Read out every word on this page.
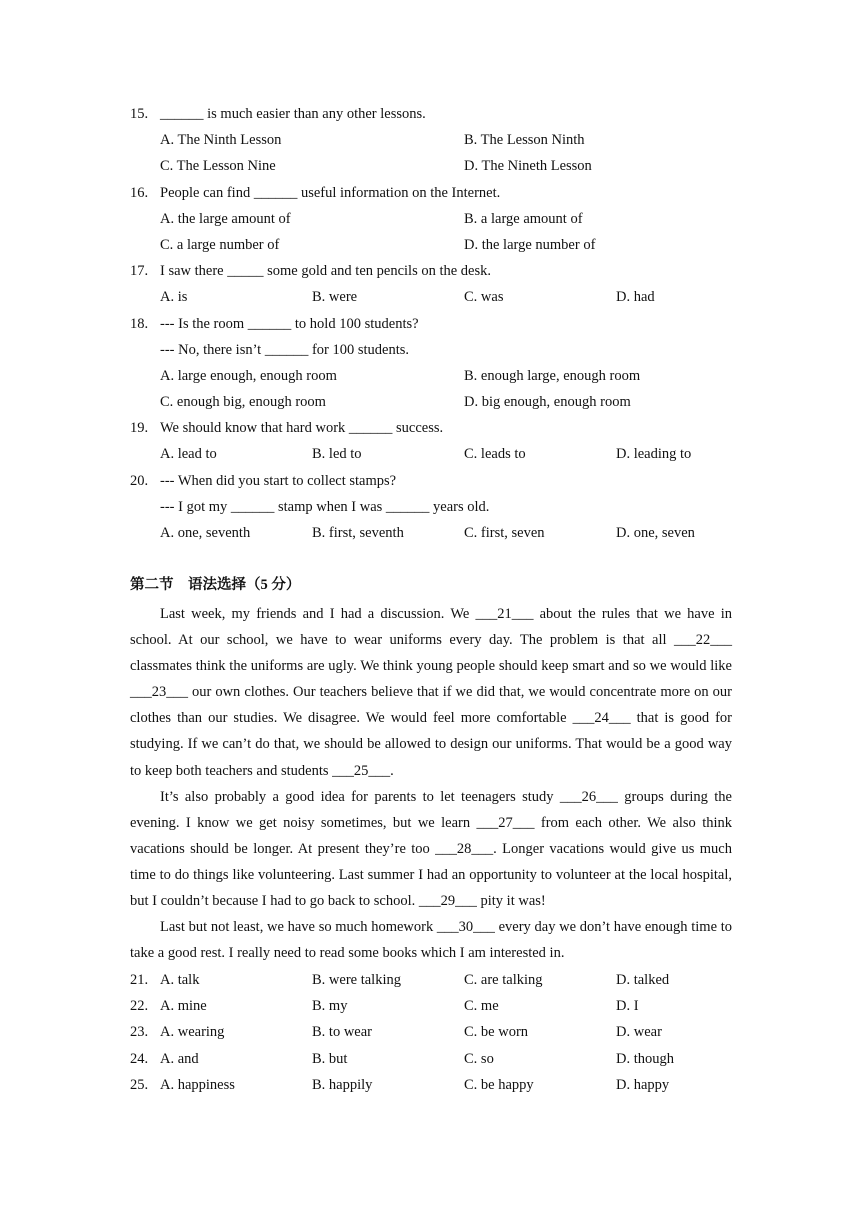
15. ______ is much easier than any other lessons.
A. The Ninth Lesson	B. The Lesson Ninth
C. The Lesson Nine	D. The Nineth Lesson
16. People can find ______ useful information on the Internet.
A. the large amount of	B. a large amount of
C. a large number of	D. the large number of
17. I saw there _____ some gold and ten pencils on the desk.
A. is	B. were	C. was	D. had
18. --- Is the room ______ to hold 100 students?
--- No, there isn’t ______ for 100 students.
A. large enough, enough room	B. enough large, enough room
C. enough big, enough room	D. big enough, enough room
19. We should know that hard work ______ success.
A. lead to	B. led to	C. leads to	D. leading to
20. --- When did you start to collect stamps?
--- I got my ______ stamp when I was ______ years old.
A. one, seventh	B. first, seventh	C. first, seven	D. one, seven
第二节　语法选择（5 分）

Last week, my friends and I had a discussion. We ___21___ about the rules that we have in school. At our school, we have to wear uniforms every day. The problem is that all ___22___ classmates think the uniforms are ugly. We think young people should keep smart and so we would like ___23___ our own clothes. Our teachers believe that if we did that, we would concentrate more on our clothes than our studies. We disagree. We would feel more comfortable ___24___ that is good for studying. If we can’t do that, we should be allowed to design our uniforms. That would be a good way to keep both teachers and students ___25___.

It’s also probably a good idea for parents to let teenagers study ___26___ groups during the evening. I know we get noisy sometimes, but we learn ___27___ from each other. We also think vacations should be longer. At present they’re too ___28___. Longer vacations would give us much time to do things like volunteering. Last summer I had an opportunity to volunteer at the local hospital, but I couldn’t because I had to go back to school. ___29___ pity it was!

Last but not least, we have so much homework ___30___ every day we don’t have enough time to take a good rest. I really need to read some books which I am interested in.

21. A. talk	B. were talking	C. are talking	D. talked
22. A. mine	B. my	C. me	D. I
23. A. wearing	B. to wear	C. be worn	D. wear
24. A. and	B. but	C. so	D. though
25. A. happiness	B. happily	C. be happy	D. happy
